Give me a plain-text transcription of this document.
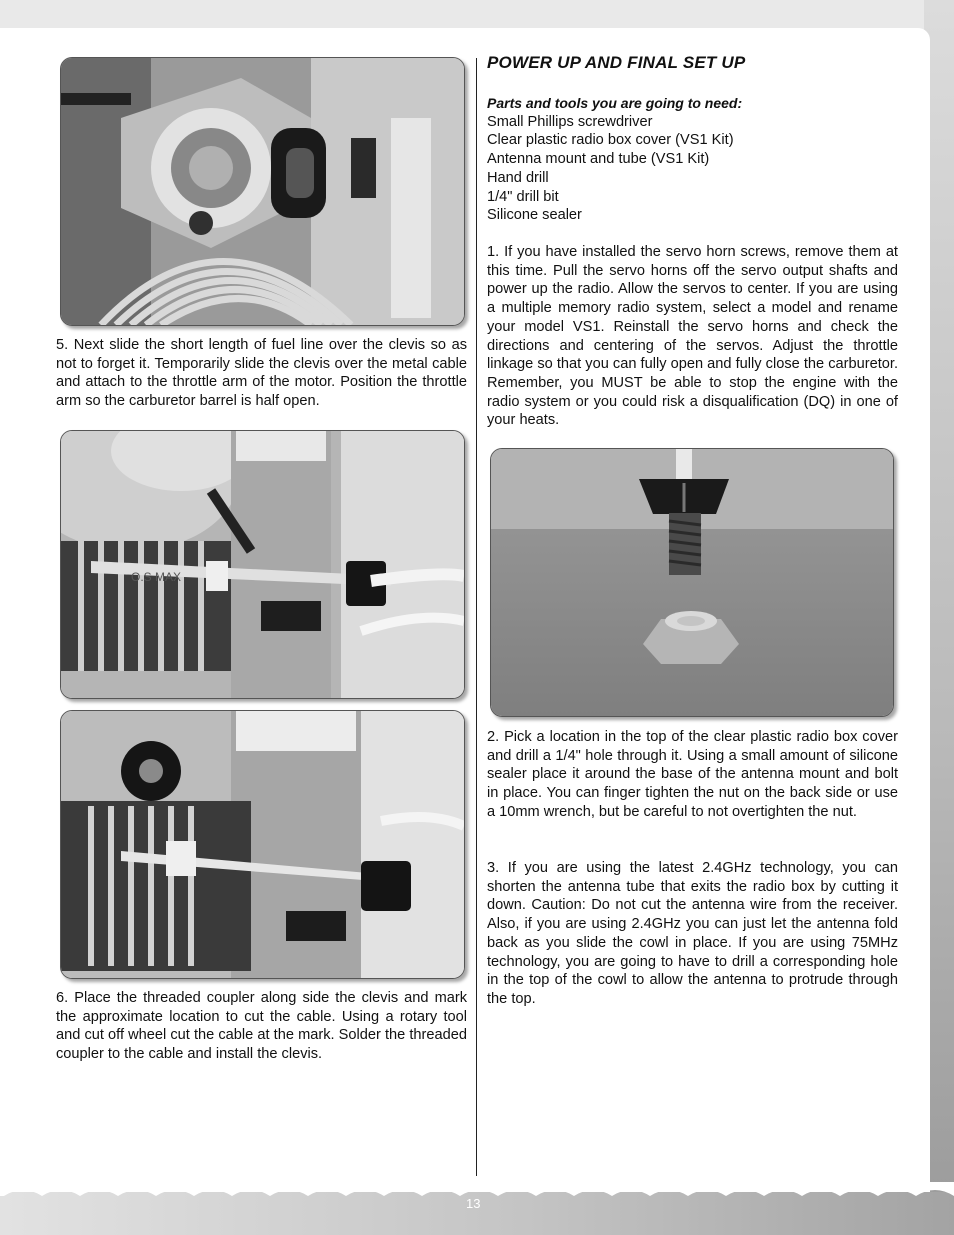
5. Next slide the short length of fuel line over the clevis so as not to forget it. Temporarily slide the clevis over the metal cable and attach to the throttle arm of the motor. Position the throttle arm so the carburetor barrel is half open.

O.S MAX

6. Place the threaded coupler along side the clevis and mark the approximate location to cut the cable. Using a rotary tool and cut off wheel cut the cable at the mark. Solder the threaded coupler to the cable and install the clevis.

POWER UP AND FINAL SET UP
Parts and tools you are going to need:
Small Phillips screwdriver
Clear plastic radio box cover (VS1 Kit)
Antenna mount and tube (VS1 Kit)
Hand drill
1/4" drill bit
Silicone sealer

1. If you have installed the servo horn screws, remove them at this time. Pull the servo horns off the servo output shafts and power up the radio. Allow the servos to center. If you are using a multiple memory radio system, select a model and rename your model VS1. Reinstall the servo horns and check the directions and centering of the servos. Adjust the throttle linkage so that you can fully open and fully close the carburetor. Remember, you MUST be able to stop the engine with the radio system or you could risk a disqualification (DQ) in one of your heats.

2. Pick a location in the top of the clear plastic radio box cover and drill a 1/4" hole through it. Using a small amount of silicone sealer place it around the base of the antenna mount and bolt in place. You can finger tighten the nut on the back side or use a 10mm wrench, but be careful to not overtighten the nut.

3. If you are using the latest 2.4GHz technology, you can shorten the antenna tube that exits the radio box by cutting it down. Caution: Do not cut the antenna wire from the receiver. Also, if you are using 2.4GHz you can just let the antenna fold back as you slide the cowl in place. If you are using 75MHz technology, you are going to have to drill a corresponding hole in the top of the cowl to allow the antenna to protrude through the top.

13
